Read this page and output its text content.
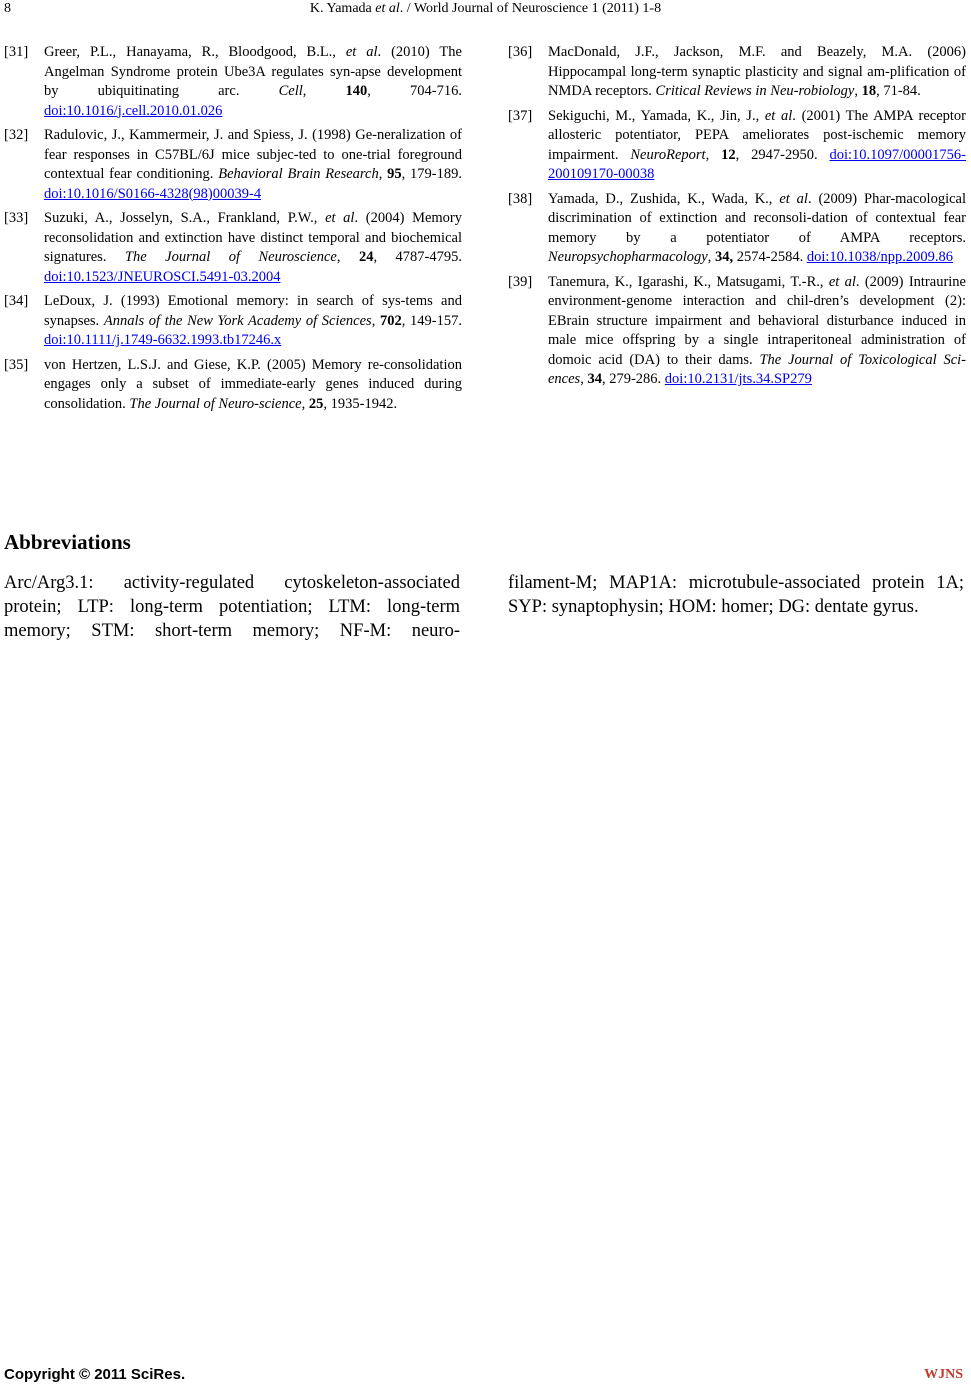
8	K. Yamada et al. / World Journal of Neuroscience 1 (2011) 1-8
[31] Greer, P.L., Hanayama, R., Bloodgood, B.L., et al. (2010) The Angelman Syndrome protein Ube3A regulates syn-apse development by ubiquitinating arc. Cell, 140, 704-716. doi:10.1016/j.cell.2010.01.026
[32] Radulovic, J., Kammermeir, J. and Spiess, J. (1998) Ge-neralization of fear responses in C57BL/6J mice subjec-ted to one-trial foreground contextual fear conditioning. Behavioral Brain Research, 95, 179-189. doi:10.1016/S0166-4328(98)00039-4
[33] Suzuki, A., Josselyn, S.A., Frankland, P.W., et al. (2004) Memory reconsolidation and extinction have distinct temporal and biochemical signatures. The Journal of Neuroscience, 24, 4787-4795. doi:10.1523/JNEUROSCI.5491-03.2004
[34] LeDoux, J. (1993) Emotional memory: in search of sys-tems and synapses. Annals of the New York Academy of Sciences, 702, 149-157. doi:10.1111/j.1749-6632.1993.tb17246.x
[35] von Hertzen, L.S.J. and Giese, K.P. (2005) Memory re-consolidation engages only a subset of immediate-early genes induced during consolidation. The Journal of Neuro-science, 25, 1935-1942.
[36] MacDonald, J.F., Jackson, M.F. and Beazely, M.A. (2006) Hippocampal long-term synaptic plasticity and signal am-plification of NMDA receptors. Critical Reviews in Neu-robiology, 18, 71-84.
[37] Sekiguchi, M., Yamada, K., Jin, J., et al. (2001) The AMPA receptor allosteric potentiator, PEPA ameliorates post-ischemic memory impairment. NeuroReport, 12, 2947-2950. doi:10.1097/00001756-200109170-00038
[38] Yamada, D., Zushida, K., Wada, K., et al. (2009) Phar-macological discrimination of extinction and reconsoli-dation of contextual fear memory by a potentiator of AMPA receptors. Neuropsychopharmacology, 34, 2574-2584. doi:10.1038/npp.2009.86
[39] Tanemura, K., Igarashi, K., Matsugami, T.-R., et al. (2009) Intraurine environment-genome interaction and chil-dren’s development (2): EBrain structure impairment and behavioral disturbance induced in male mice offspring by a single intraperitoneal administration of domoic acid (DA) to their dams. The Journal of Toxicological Sci-ences, 34, 279-286. doi:10.2131/jts.34.SP279
Abbreviations

Arc/Arg3.1: activity-regulated cytoskeleton-associated protein; LTP: long-term potentiation; LTM: long-term memory; STM: short-term memory; NF-M: neuro-

filament-M; MAP1A: microtubule-associated protein 1A; SYP: synaptophysin; HOM: homer; DG: dentate gyrus.

Copyright © 2011 SciRes.	WJNS
